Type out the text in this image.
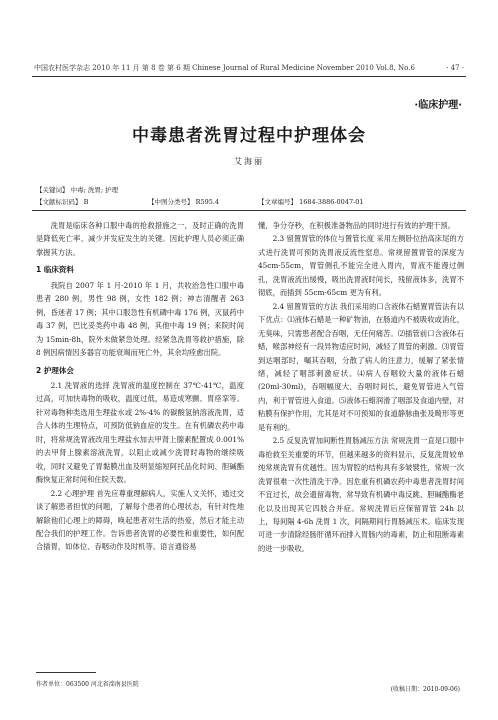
中国农村医学杂志 2010 年 11 月 第 8 卷 第 6 期 Chinese Journal of Rural Medicine November 2010 Vol.8, No.6	· 47 ·
·临床护理·
中毒患者洗胃过程中护理体会
艾海丽
【关键词】 中毒; 洗胃; 护理
【文献标识码】 B	【中图分类号】 R595.4	【文章编号】 1684-3886-0047-01

洗胃是临床各种口服中毒的抢救措施之一，及时正确的洗胃是降低死亡率、减少并发症发生的关键。因此护理人员必须正确掌握其方法。

1 临床资料

我院自 2007 年 1 月-2010 年 1 月，共收治急性口服中毒患者 280 例，男性 98 例，女性 182 例；神志清醒者 263 例，昏迷者 17 例；其中口服急性有机磷中毒 176 例，灭鼠药中毒 37 例，巴比妥类药中毒 48 例，其他中毒 19 例；来院时间为 15min-8h，院外未做紧急处理。经紧急洗胃等救护措施，除 8 例因病情因多器官功能衰竭而死亡外，其余均痊愈出院。

2 护理体会

2.1 洗胃液的选择 洗胃液的温度控制在 37℃-41℃，温度过高，可加快毒物的吸收，温度过低，易造成寒颤、胃痉挛等。针对毒物种类选用生理盐水或 2%-4% 的碳酸氢钠溶液洗胃，适合人体的生理特点，可预防低钠血症的发生。在有机磷农药中毒时，将常规洗胃液改用生理盐水加去甲肾上腺素配置成 0.001% 的去甲肾上腺素溶液洗胃，以阻止或减少洗胃时毒物的继续吸收，同时又避免了胃黏膜出血及明显缩短阿托品化时间、胆碱酯酶恢复正常时间和住院天数。

2.2 心理护理 首先应尊重理解病人，实施人文关怀，通过交谈了解患者担忧的问题，了解每个患者的心理状态，有针对性地解除他们心理上的障碍，唤起患者对生活的热爱，然后才能主动配合我们的护理工作。告诉患者洗胃的必要性和重要性，如何配合插胃，如体位、吞咽动作及时机等。语言通俗易

懂，争分夺秒，在积极准备物品的同时进行有效的护理干预。

2.3 留置胃管的体位与置管长度 采用左侧卧位抬高床尾的方式进行洗胃可预防洗胃液反流性窒息。常规留置胃管的深度为 45cm-55cm，胃管侧孔不能完全进入胃内，胃液不能漫过侧孔，洗胃液流出缓慢，吸出洗胃液时间长，残留液体多，洗胃不彻底，而插到 55cm-65cm 更为有利。

2.4 留置胃管的方法 我们采用的口含液体石蜡置胃管法有以下优点：⑴液体石蜡是一种矿物油，在肠道内不被吸收或消化，无臭味，只需患者配合吞咽，无任何痛苦。⑵插管前口含液体石蜡，喉部神经有一段异物适应时间，减轻了胃管的刺激。⑶胃管到达咽部时，嘱其吞咽，分散了病人的注意力，缓解了紧张情绪，减轻了咽部刺激症状。⑷病人吞咽较大量的液体石蜡(20ml-30ml)，吞咽幅度大，吞咽时间长，避免胃管进入气管内，利于胃管进入食道。⑸液体石蜡润滑了咽部及食道内壁，对粘膜有保护作用，尤其是对不可预知的食道静脉曲张及畸形等更是有利的。

2.5 反复洗胃加间断性胃肠减压方法 常规洗胃一直是口服中毒抢救至关重要的环节，但越来越多的资料显示，反复洗胃较单纯常规洗胃有优越性。因为胃腔的结构具有多皱襞性，常规一次洗胃很难一次性清洗干净。因危重有机磷农药中毒患者洗胃时间不宜过长，故会遗留毒物，常导致有机磷中毒反跳、胆碱酯酶老化以及出现其它四肢合并症。常规洗胃后应保留胃管 24h 以上，每间隔 4-6h 洗胃 1 次，间隔期间行胃肠减压术。临床发现可进一步清除经肠肝循环而排入胃肠内的毒素，防止和阻断毒素的进一步吸收。

作者单位：063500 河北省滦南县医院
(收稿日期：2010-09-06)
